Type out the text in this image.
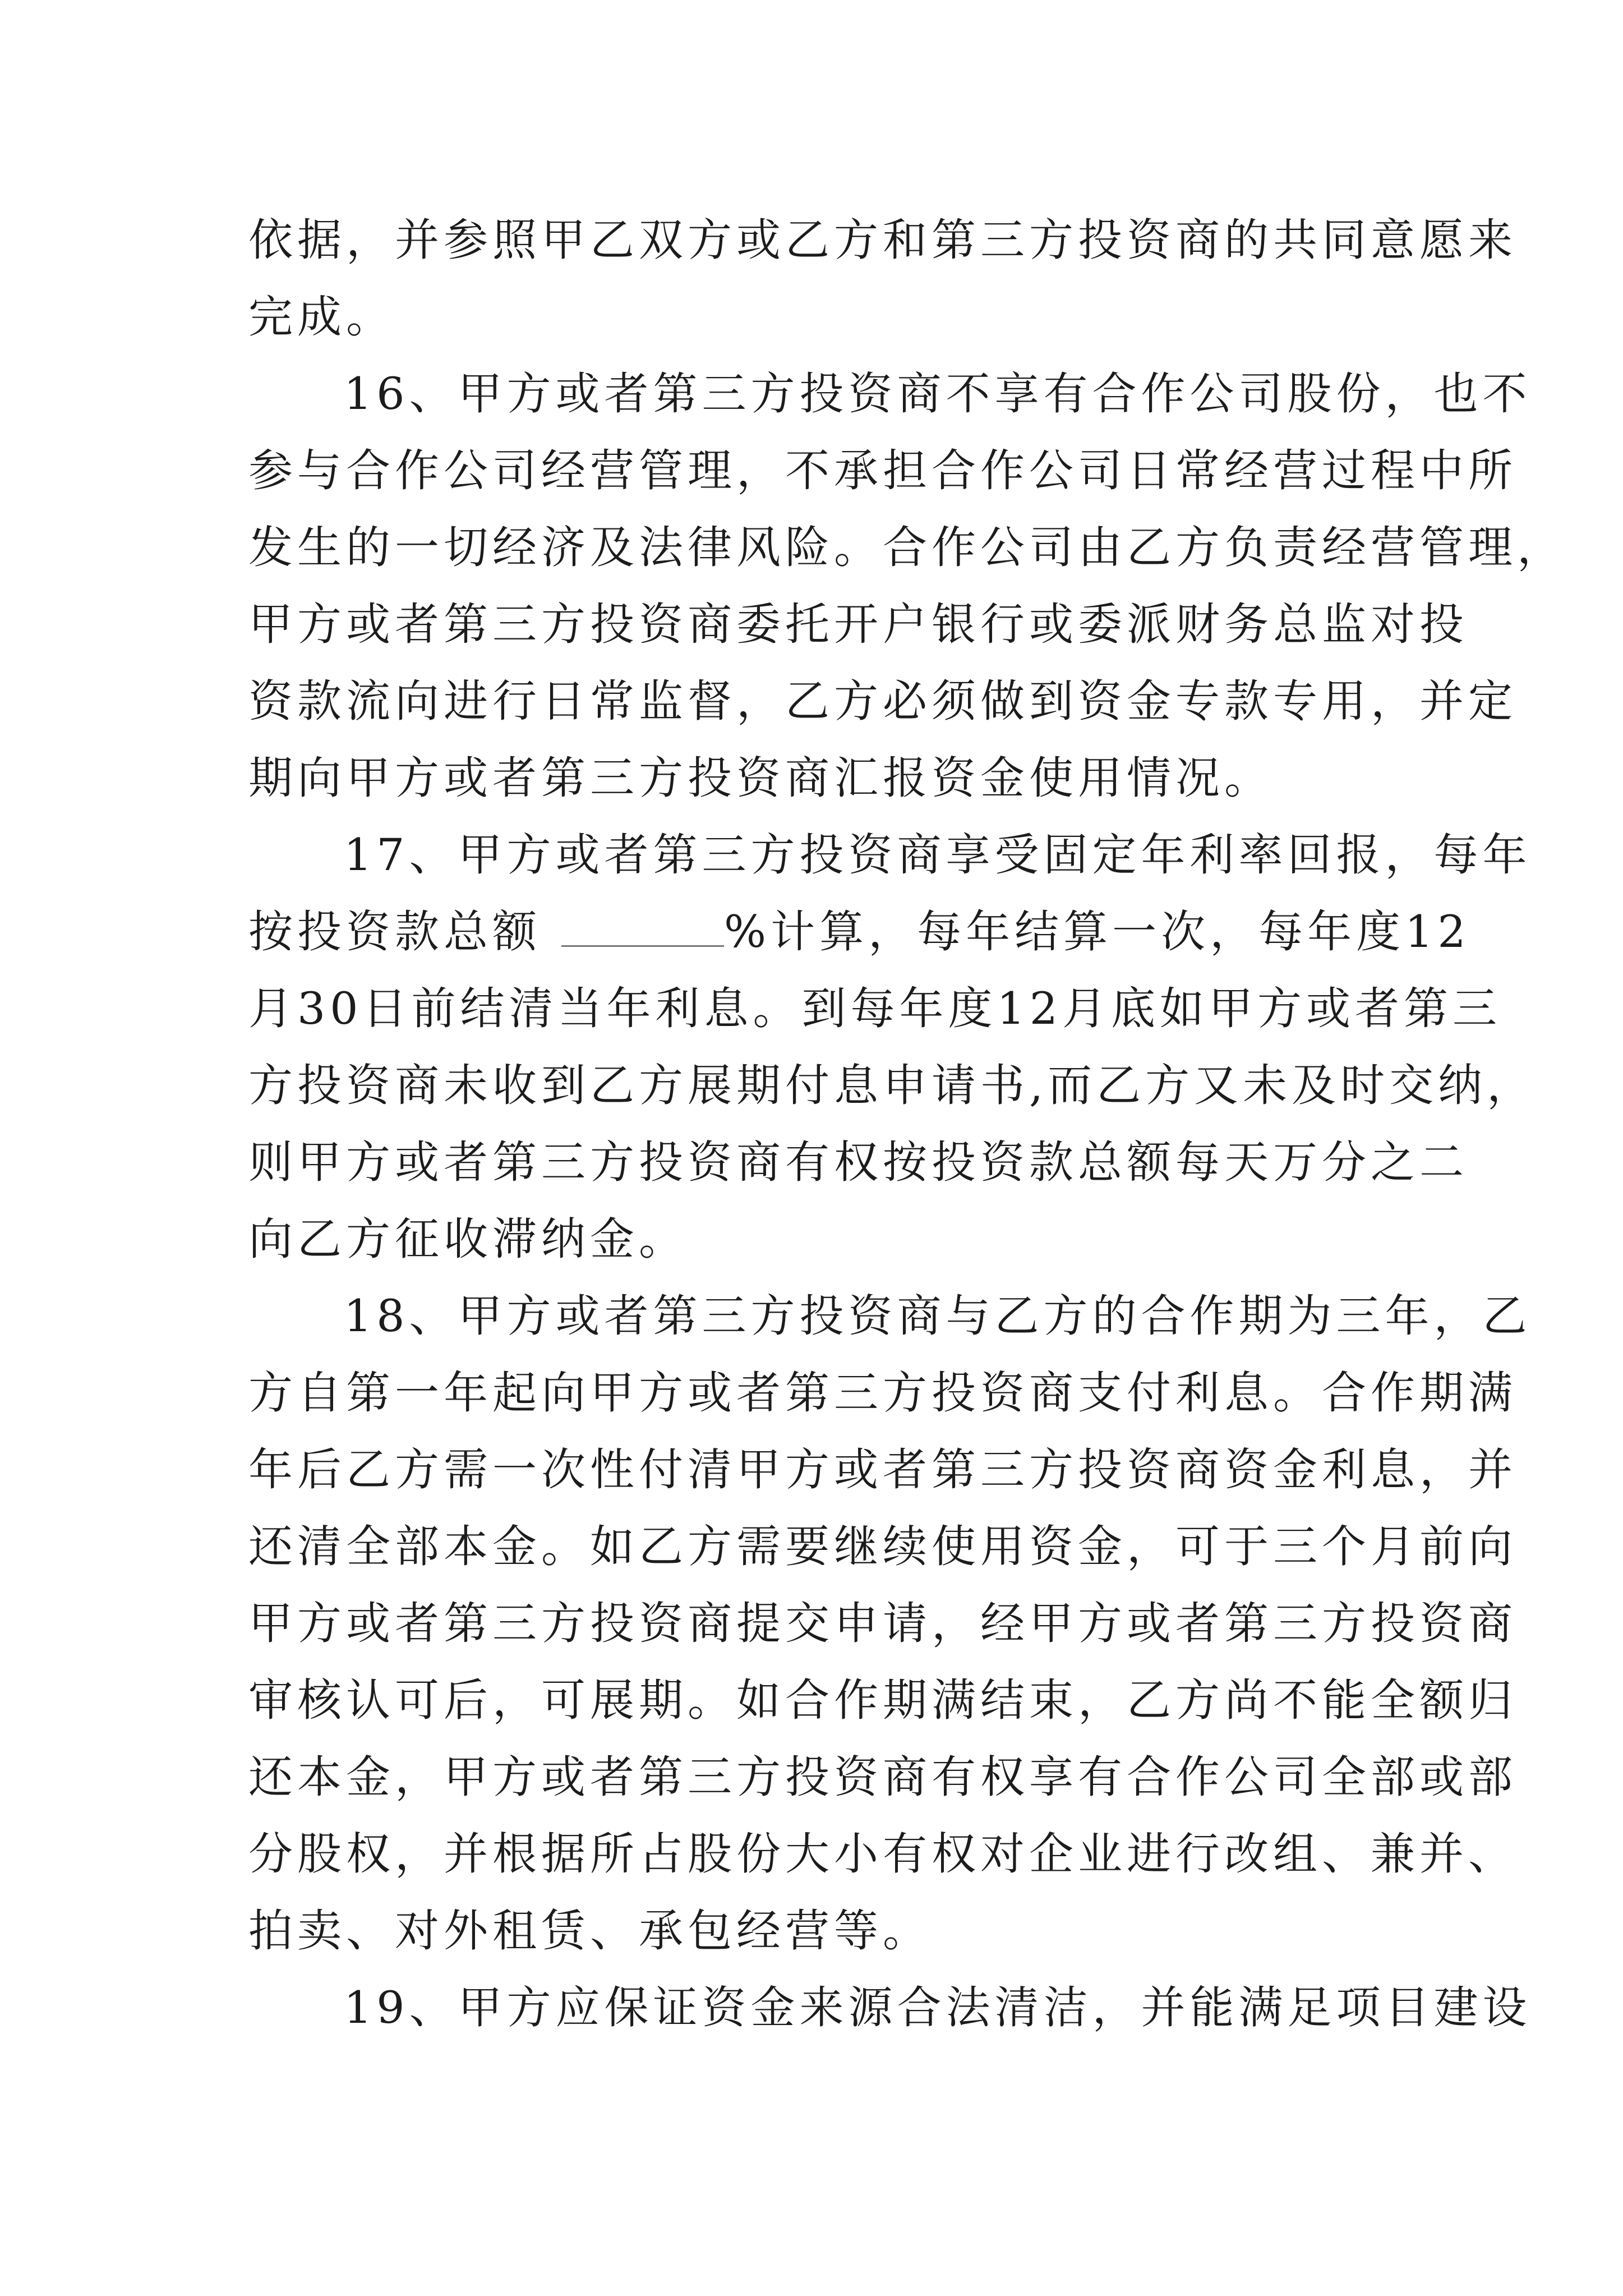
依据，并参照甲乙双方或乙方和第三方投资商的共同意愿来
完成。
16、甲方或者第三方投资商不享有合作公司股份，也不
参与合作公司经营管理，不承担合作公司日常经营过程中所
发生的一切经济及法律风险。合作公司由乙方负责经营管理，
甲方或者第三方投资商委托开户银行或委派财务总监对投
资款流向进行日常监督，乙方必须做到资金专款专用，并定
期向甲方或者第三方投资商汇报资金使用情况。
17、甲方或者第三方投资商享受固定年利率回报，每年
按投资款总额	%计算，每年结算一次，每年度12
月30日前结清当年利息。到每年度12月底如甲方或者第三
方投资商未收到乙方展期付息申请书,而乙方又未及时交纳，
则甲方或者第三方投资商有权按投资款总额每天万分之二
向乙方征收滞纳金。
18、甲方或者第三方投资商与乙方的合作期为三年，乙
方自第一年起向甲方或者第三方投资商支付利息。合作期满
年后乙方需一次性付清甲方或者第三方投资商资金利息，并
还清全部本金。如乙方需要继续使用资金，可于三个月前向
甲方或者第三方投资商提交申请，经甲方或者第三方投资商
审核认可后，可展期。如合作期满结束，乙方尚不能全额归
还本金，甲方或者第三方投资商有权享有合作公司全部或部
分股权，并根据所占股份大小有权对企业进行改组、兼并、
拍卖、对外租赁、承包经营等。
19、甲方应保证资金来源合法清洁，并能满足项目建设
